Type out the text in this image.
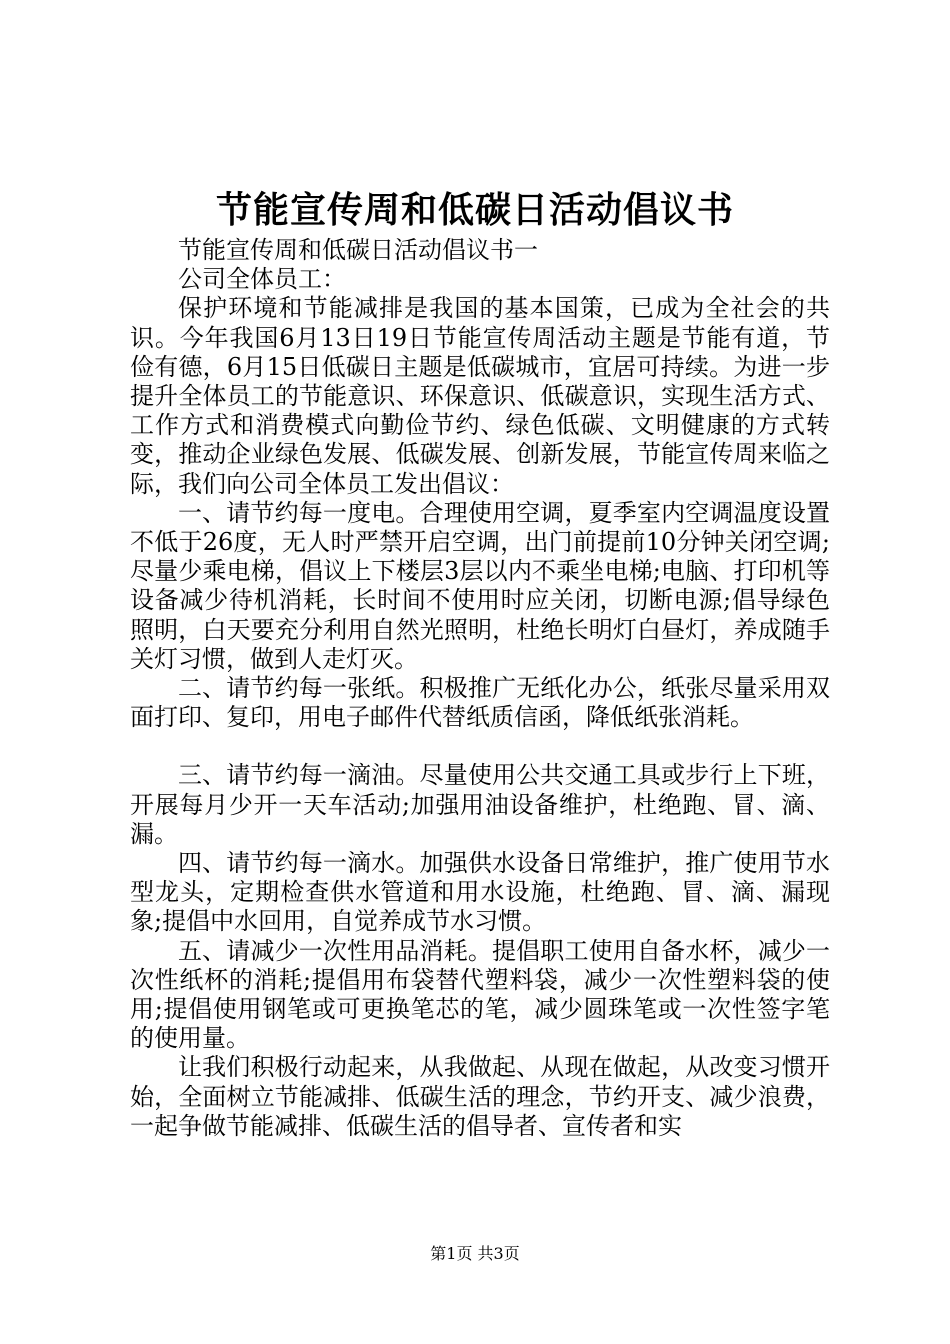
节能宣传周和低碳日活动倡议书

节能宣传周和低碳日活动倡议书一

公司全体员工：

保护环境和节能减排是我国的基本国策，已成为全社会的共识。今年我国6月13日19日节能宣传周活动主题是节能有道，节俭有德，6月15日低碳日主题是低碳城市，宜居可持续。为进一步提升全体员工的节能意识、环保意识、低碳意识，实现生活方式、工作方式和消费模式向勤俭节约、绿色低碳、文明健康的方式转变，推动企业绿色发展、低碳发展、创新发展，节能宣传周来临之际，我们向公司全体员工发出倡议：

一、请节约每一度电。合理使用空调，夏季室内空调温度设置不低于26度，无人时严禁开启空调，出门前提前10分钟关闭空调;尽量少乘电梯，倡议上下楼层3层以内不乘坐电梯;电脑、打印机等设备减少待机消耗，长时间不使用时应关闭，切断电源;倡导绿色照明，白天要充分利用自然光照明，杜绝长明灯白昼灯，养成随手关灯习惯，做到人走灯灭。

二、请节约每一张纸。积极推广无纸化办公，纸张尽量采用双面打印、复印，用电子邮件代替纸质信函，降低纸张消耗。

三、请节约每一滴油。尽量使用公共交通工具或步行上下班，开展每月少开一天车活动;加强用油设备维护，杜绝跑、冒、滴、漏。

四、请节约每一滴水。加强供水设备日常维护，推广使用节水型龙头，定期检查供水管道和用水设施，杜绝跑、冒、滴、漏现象;提倡中水回用，自觉养成节水习惯。

五、请减少一次性用品消耗。提倡职工使用自备水杯，减少一次性纸杯的消耗;提倡用布袋替代塑料袋，减少一次性塑料袋的使用;提倡使用钢笔或可更换笔芯的笔，减少圆珠笔或一次性签字笔的使用量。

让我们积极行动起来，从我做起、从现在做起，从改变习惯开始，全面树立节能减排、低碳生活的理念，节约开支、减少浪费，一起争做节能减排、低碳生活的倡导者、宣传者和实

第1页 共3页
